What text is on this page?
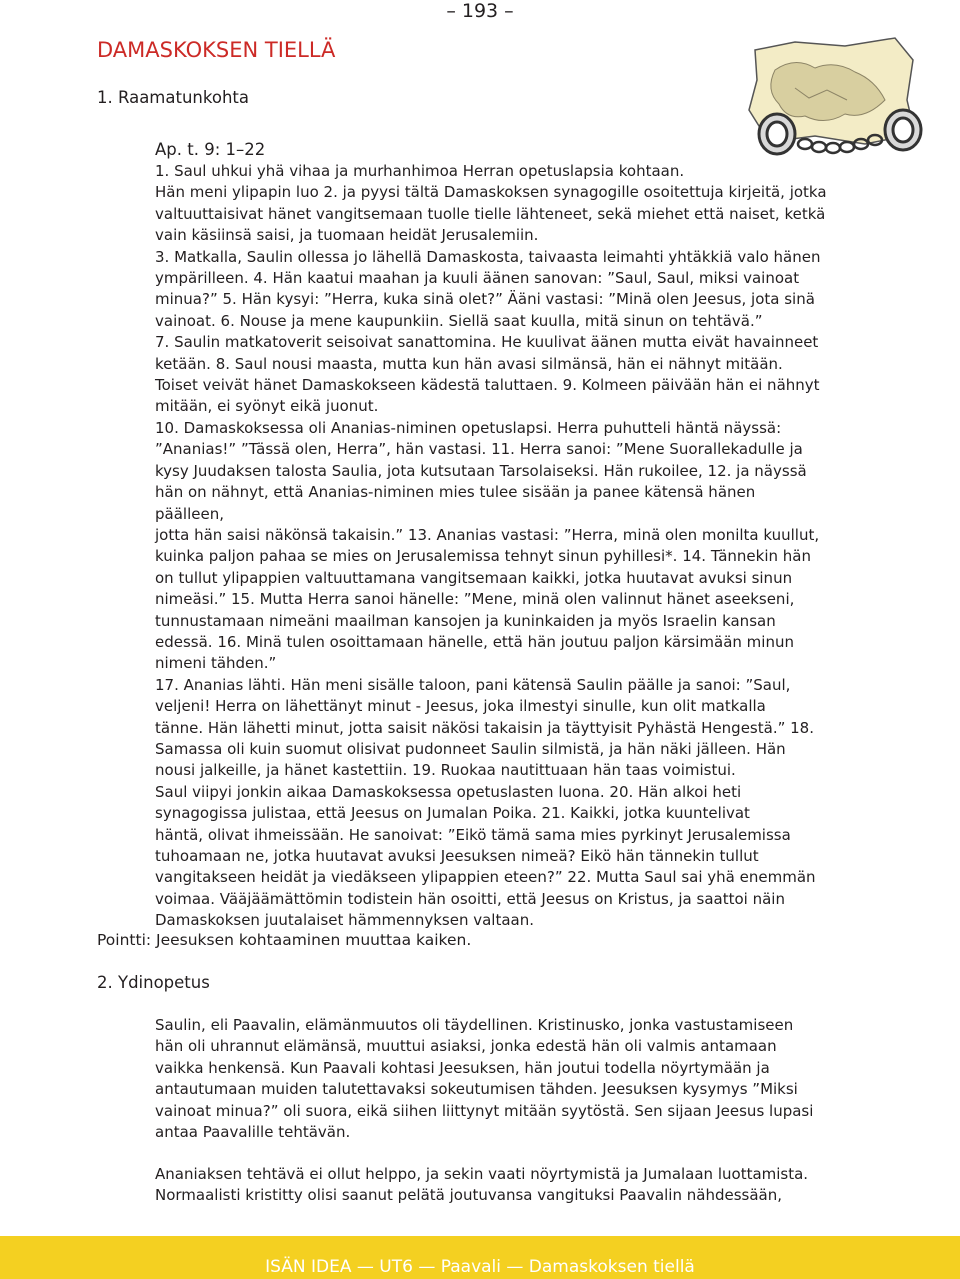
– 193 –
DAMASKOKSEN TIELLÄ
1. Raamatunkohta
Ap. t. 9: 1–22

1. Saul uhkui yhä vihaa ja murhanhimoa Herran opetuslapsia kohtaan.

Hän meni ylipapin luo 2. ja pyysi tältä Damaskoksen synagogille osoitettuja kirjeitä, jotka

valtuuttaisivat hänet vangitsemaan tuolle tielle lähteneet, sekä miehet että naiset, ketkä

vain käsiinsä saisi, ja tuomaan heidät Jerusalemiin.

3. Matkalla, Saulin ollessa jo lähellä Damaskosta, taivaasta leimahti yhtäkkiä valo hänen

ympärilleen. 4. Hän kaatui maahan ja kuuli äänen sanovan: ”Saul, Saul, miksi vainoat

minua?” 5. Hän kysyi: ”Herra, kuka sinä olet?” Ääni vastasi: ”Minä olen Jeesus, jota sinä

vainoat. 6. Nouse ja mene kaupunkiin. Siellä saat kuulla, mitä sinun on tehtävä.”

7. Saulin matkatoverit seisoivat sanattomina. He kuulivat äänen mutta eivät havainneet

ketään. 8. Saul nousi maasta, mutta kun hän avasi silmänsä, hän ei nähnyt mitään.

Toiset veivät hänet Damaskokseen kädestä taluttaen. 9. Kolmeen päivään hän ei nähnyt

mitään, ei syönyt eikä juonut.

10. Damaskoksessa oli Ananias-niminen opetuslapsi. Herra puhutteli häntä näyssä:

”Ananias!” ”Tässä olen, Herra”, hän vastasi. 11. Herra sanoi: ”Mene Suorallekadulle ja

kysy Juudaksen talosta Saulia, jota kutsutaan Tarsolaiseksi. Hän rukoilee, 12. ja näyssä

hän on nähnyt, että Ananias-niminen mies tulee sisään ja panee kätensä hänen päälleen,

jotta hän saisi näkönsä takaisin.” 13. Ananias vastasi: ”Herra, minä olen monilta kuullut,

kuinka paljon pahaa se mies on Jerusalemissa tehnyt sinun pyhillesi*. 14. Tännekin hän

on tullut ylipappien valtuuttamana vangitsemaan kaikki, jotka huutavat avuksi sinun

nimeäsi.” 15. Mutta Herra sanoi hänelle: ”Mene, minä olen valinnut hänet aseekseni,

tunnustamaan nimeäni maailman kansojen ja kuninkaiden ja myös Israelin kansan

edessä. 16. Minä tulen osoittamaan hänelle, että hän joutuu paljon kärsimään minun

nimeni tähden.”

17. Ananias lähti. Hän meni sisälle taloon, pani kätensä Saulin päälle ja sanoi: ”Saul,

veljeni! Herra on lähettänyt minut - Jeesus, joka ilmestyi sinulle, kun olit matkalla

tänne. Hän lähetti minut, jotta saisit näkösi takaisin ja täyttyisit Pyhästä Hengestä.” 18.

Samassa oli kuin suomut olisivat pudonneet Saulin silmistä, ja hän näki jälleen. Hän

nousi jalkeille, ja hänet kastettiin. 19. Ruokaa nautittuaan hän taas voimistui.

Saul viipyi jonkin aikaa Damaskoksessa opetuslasten luona. 20. Hän alkoi heti

synagogissa julistaa, että Jeesus on Jumalan Poika. 21. Kaikki, jotka kuuntelivat

häntä, olivat ihmeissään. He sanoivat: ”Eikö tämä sama mies pyrkinyt Jerusalemissa

tuhoamaan ne, jotka huutavat avuksi Jeesuksen nimeä? Eikö hän tännekin tullut

vangitakseen heidät ja viedäkseen ylipappien eteen?” 22. Mutta Saul sai yhä enemmän

voimaa. Vääjäämättömin todistein hän osoitti, että Jeesus on Kristus, ja saattoi näin

Damaskoksen juutalaiset hämmennyksen valtaan.

Pointti: Jeesuksen kohtaaminen muuttaa kaiken.
2. Ydinopetus

Saulin, eli Paavalin, elämänmuutos oli täydellinen. Kristinusko, jonka vastustamiseen

hän oli uhrannut elämänsä, muuttui asiaksi, jonka edestä hän oli valmis antamaan

vaikka henkensä. Kun Paavali kohtasi Jeesuksen, hän joutui todella nöyrtymään ja

antautumaan muiden talutettavaksi sokeutumisen tähden. Jeesuksen kysymys ”Miksi

vainoat minua?” oli suora, eikä siihen liittynyt mitään syytöstä. Sen sijaan Jeesus lupasi

antaa Paavalille tehtävän.

Ananiaksen tehtävä ei ollut helppo, ja sekin vaati nöyrtymistä ja Jumalaan luottamista.

Normaalisti kristitty olisi saanut pelätä joutuvansa vangituksi Paavalin nähdessään,

ISÄN IDEA — UT6 — Paavali — Damaskoksen tiellä
